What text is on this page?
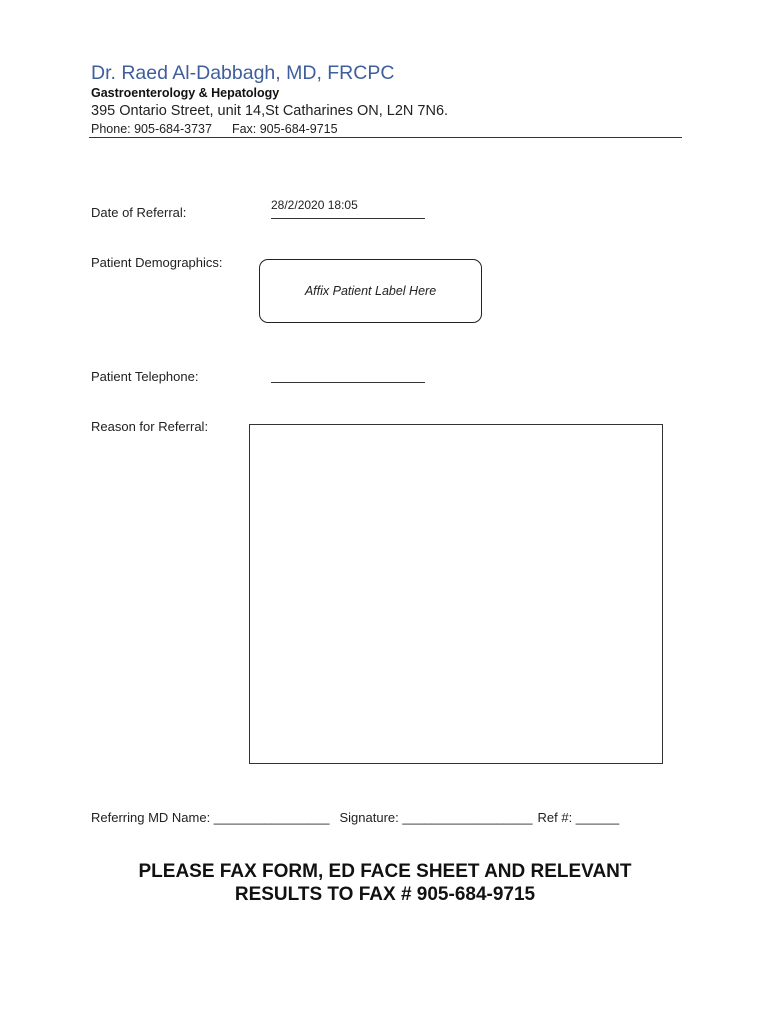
Dr. Raed Al-Dabbagh, MD, FRCPC
Gastroenterology & Hepatology
395 Ontario Street, unit 14,St Catharines ON, L2N 7N6.
Phone: 905-684-3737 Fax: 905-684-9715
Date of Referral:	28/2/2020 18:05
Patient Demographics:
Affix Patient Label Here
Patient Telephone:
Reason for Referral:
Referring MD Name: ________________ Signature: __________________ Ref #: ______
PLEASE FAX FORM, ED FACE SHEET AND RELEVANT
RESULTS TO FAX # 905-684-9715
